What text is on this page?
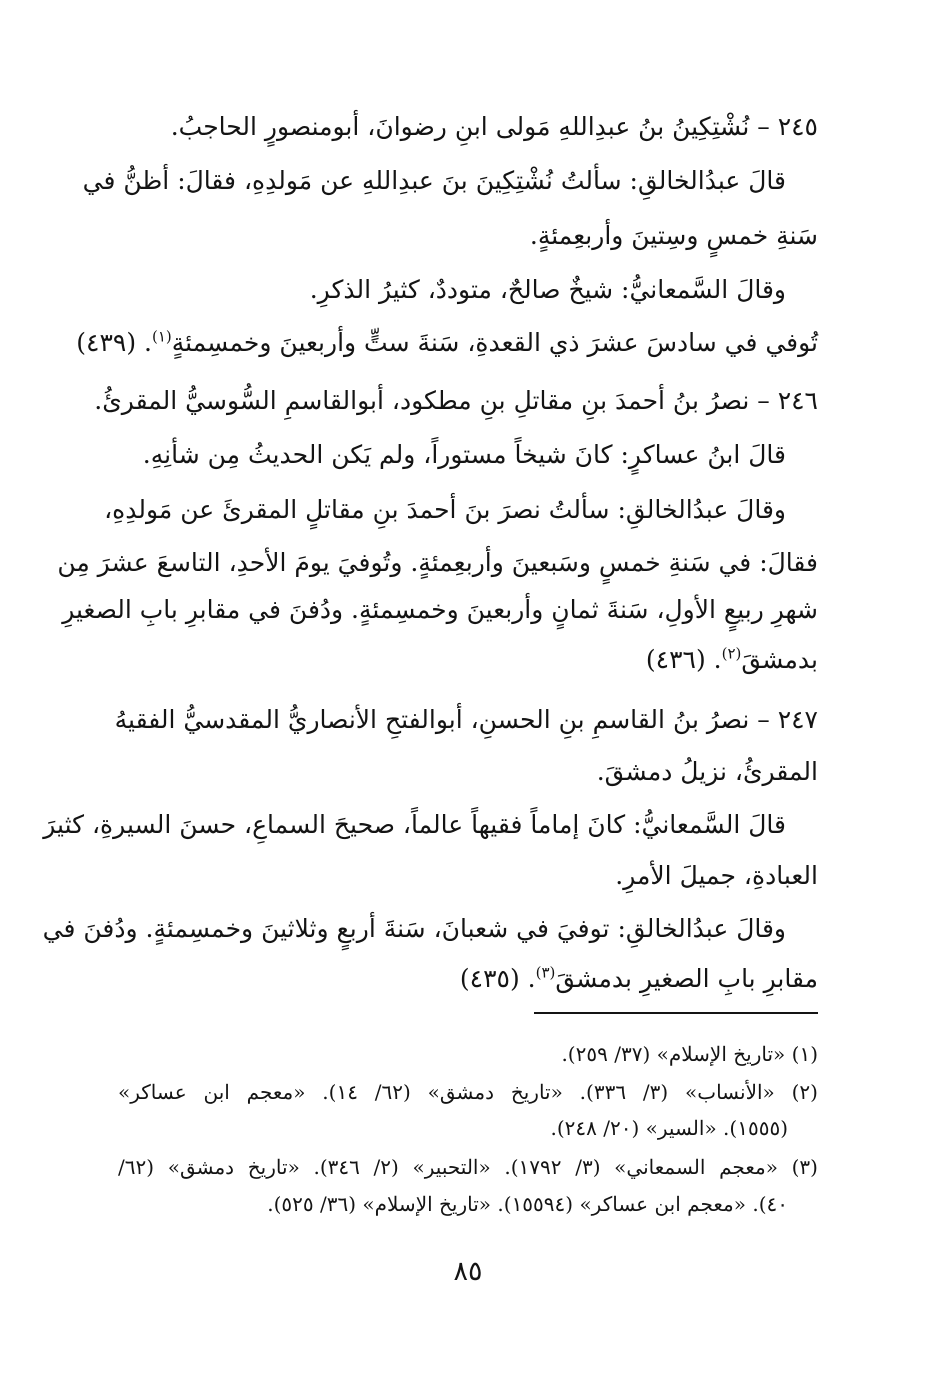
٢٤٥ – نُشْتِكِينُ بنُ عبدِاللهِ مَولى ابنِ رضوانَ، أبومنصورٍ الحاجبُ.
قالَ عبدُالخالقِ: سألتُ نُشْتِكِينَ بنَ عبدِاللهِ عن مَولدِهِ، فقالَ: أظنُّ في
سَنةِ خمسٍ وسِتينَ وأربعِمئةٍ.
وقالَ السَّمعانيُّ: شيخٌ صالحٌ، متوددٌ، كثيرُ الذكرِ.
تُوفي في سادسَ عشرَ ذي القعدةِ، سَنةَ ستٍّ وأربعينَ وخمسِمئةٍ$^{(١)}$. (٤٣٩)
٢٤٦ – نصرُ بنُ أحمدَ بنِ مقاتلِ بنِ مطكود، أبوالقاسمِ السُّوسيُّ المقرئُ.
قالَ ابنُ عساكرٍ: كانَ شيخاً مستوراً، ولم يَكن الحديثُ مِن شأنِهِ.
وقالَ عبدُالخالقِ: سألتُ نصرَ بنَ أحمدَ بنِ مقاتلٍ المقرئَ عن مَولدِهِ،
فقالَ: في سَنةِ خمسٍ وسَبعينَ وأربعِمئةٍ. وتُوفيَ يومَ الأحدِ، التاسعَ عشرَ مِن
شهرِ ربيعٍ الأولِ، سَنةَ ثمانٍ وأربعينَ وخمسِمئةٍ. ودُفنَ في مقابرِ بابِ الصغيرِ
بدمشقَ$^{(٢)}$. (٤٣٦)
٢٤٧ – نصرُ بنُ القاسمِ بنِ الحسنِ، أبوالفتحِ الأنصاريُّ المقدسيُّ الفقيهُ
المقرئُ، نزيلُ دمشقَ.
قالَ السَّمعانيُّ: كانَ إماماً فقيهاً عالماً، صحيحَ السماعِ، حسنَ السيرةِ، كثيرَ
العبادةِ، جميلَ الأمرِ.
وقالَ عبدُالخالقِ: توفيَ في شعبانَ، سَنةَ أربعٍ وثلاثينَ وخمسِمئةٍ. ودُفنَ في
مقابرِ بابِ الصغيرِ بدمشقَ$^{(٣)}$. (٤٣٥)
(١) «تاريخ الإسلام» (٣٧/ ٢٥٩).
(٢) «الأنساب» (٣/ ٣٣٦). «تاريخ دمشق» (٦٢/ ١٤). «معجم ابن عساكر»
(١٥٥٥). «السير» (٢٠/ ٢٤٨).
(٣) «معجم السمعاني» (٣/ ١٧٩٢). «التحبير» (٢/ ٣٤٦). «تاريخ دمشق» (٦٢/
٤٠). «معجم ابن عساكر» (١٥٥٩٤). «تاريخ الإسلام» (٣٦/ ٥٢٥).
٨٥
